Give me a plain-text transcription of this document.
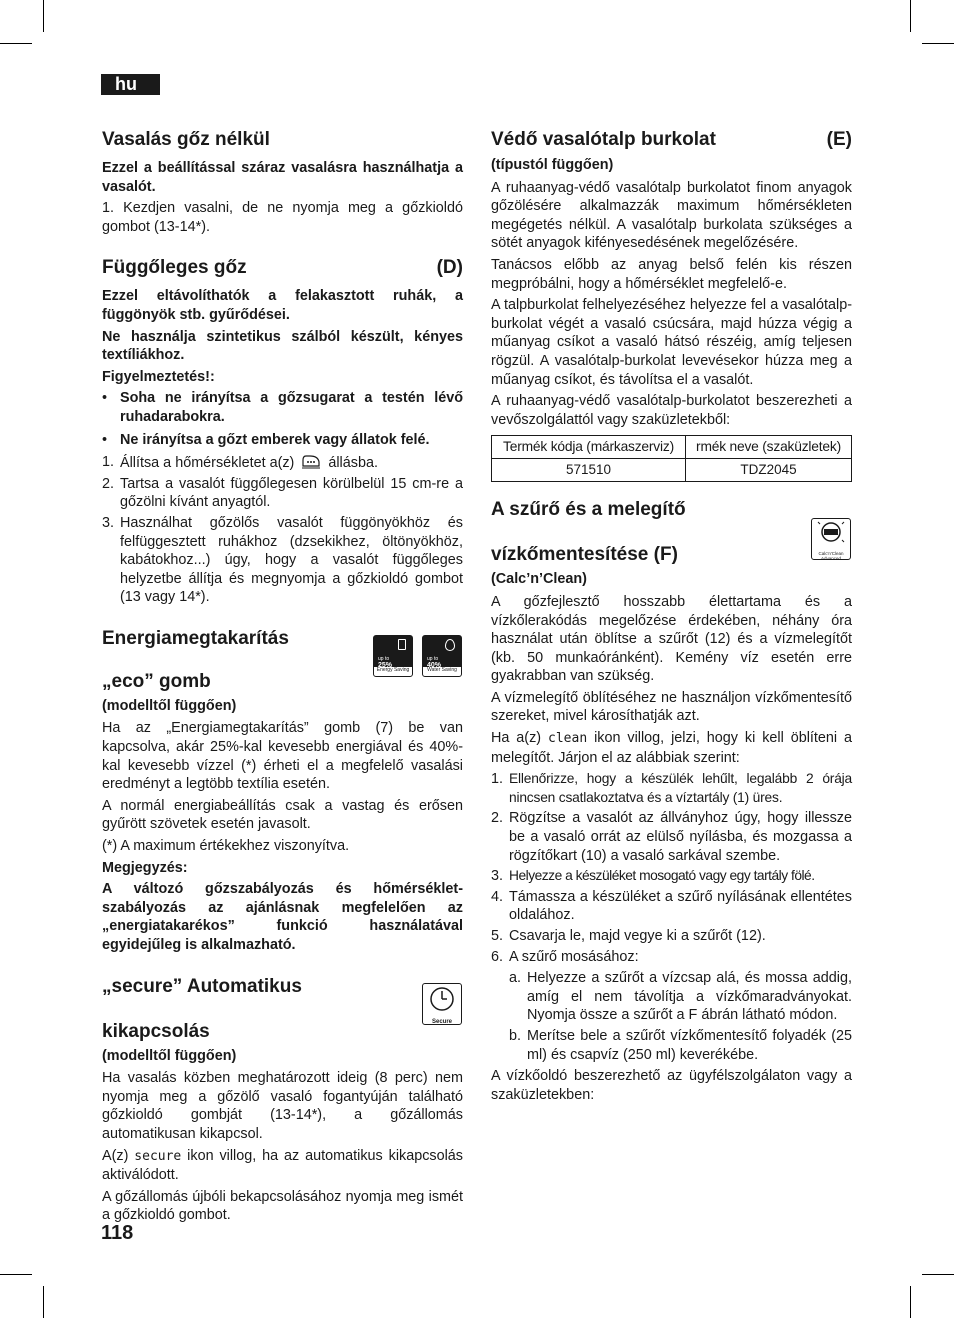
hu
Vasalás gőz nélkül

Ezzel a beállítással száraz vasalásra használhatja a vasalót.

1. Kezdjen vasalni, de ne nyomja meg a gőzkioldó gombot (13-14*).

Függőleges gőz	(D)

Ezzel eltávolíthatók a felakasztott ruhák, a függönyök stb. gyűrődései.

Ne használja szintetikus szálból készült, kényes textíliákhoz.

Figyelmeztetés!:

• Soha ne irányítsa a gőzsugarat a testén lévő ruhadarabokra.
• Ne irányítsa a gőzt emberek vagy állatok felé.
1. Állítsa a hőmérsékletet a(z) állásba.
2. Tartsa a vasalót függőlegesen körülbelül 15 cm-re a gőzölni kívánt anyagtól.
3. Használhat gőzölős vasalót függönyökhöz és felfüggesztett ruhákhoz (dzsekikhez, öltönyökhöz, kabátokhoz...) úgy, hogy a vasalót függőleges helyzetbe állítja és megnyomja a gőzkioldó gombot (13 vagy 14*).
Energiamegtakarítás
„eco” gomb
up to
25%
Energy Saving
up to
40%
Water Saving

(modelltől függően)

Ha az „Energiamegtakarítás” gomb (7) be van kapcsolva, akár 25%-kal kevesebb energiával és 40%-kal kevesebb vízzel (*) érheti el a megfelelő vasalási eredményt a legtöbb textília esetén.

A normál energiabeállítás csak a vastag és erősen gyűrött szövetek esetén javasolt.

(*) A maximum értékekhez viszonyítva.

Megjegyzés:

A változó gőzszabályozás és hőmérséklet-szabályozás az ajánlásnak megfelelően az „energiatakarékos” funkció használatával egyidejűleg is alkalmazható.

„secure” Automatikus
kikapcsolás	Secure

(modelltől függően)

Ha vasalás közben meghatározott ideig (8 perc) nem nyomja meg a gőzölő vasaló fogantyúján található gőzkioldó gombját (13-14*), a gőzállomás automatikusan kikapcsol.

A(z) secure ikon villog, ha az automatikus kikapcsolás aktiválódott.

A gőzállomás újbóli bekapcsolásához nyomja meg ismét a gőzkioldó gombot.

Védő vasalótalp burkolat	(E)

(típustól függően)

A ruhaanyag-védő vasalótalp burkolatot finom anyagok gőzölésére alkalmazzák maximum hőmérsékleten megégetés nélkül. A vasalótalp burkolata szükséges a sötét anyagok kifényesedésének megelőzésére.

Tanácsos előbb az anyag belső felén kis részen megpróbálni, hogy a hőmérséklet megfelelő-e.

A talpburkolat felhelyezéséhez helyezze fel a vasalótalp- burkolat végét a vasaló csúcsára, majd húzza végig a műanyag csíkot a vasaló hátsó részéig, amíg teljesen rögzül. A vasalótalp-burkolat levevésekor húzza meg a műanyag csíkot, és távolítsa el a vasalót.

A ruhaanyag-védő vasalótalp-burkolatot beszerezheti a vevőszolgálattól vagy szaküzletekből:

Termék kódja (márkaszerviz)	rmék neve (szaküzletek)
571510	TDZ2045
A szűrő és a melegítő
vízkőmentesítése (F)	Calc'n'Clean
Advanced

(Calc’n’Clean)

A gőzfejlesztő hosszabb élettartama és a vízkőlerakódás megelőzése érdekében, néhány óra használat után öblítse a szűrőt (12) és a vízmelegítőt (kb. 50 munkaóránként). Kemény víz esetén erre gyakrabban van szükség.

A vízmelegítő öblítéséhez ne használjon vízkőmentesítő szereket, mivel károsíthatják azt.

Ha a(z) clean ikon villog, jelzi, hogy ki kell öblíteni a melegítőt. Járjon el az alábbiak szerint:

1. Ellenőrizze, hogy a készülék lehűlt, legalább 2 órája nincsen csatlakoztatva és a víztartály (1) üres.
2. Rögzítse a vasalót az állványhoz úgy, hogy illessze be a vasaló orrát az elülső nyílásba, és mozgassa a rögzítőkart (10) a vasaló sarkával szembe.
3. Helyezze a készüléket mosogató vagy egy tartály fölé.
4. Támassza a készüléket a szűrő nyílásának ellentétes oldalához.
5. Csavarja le, majd vegye ki a szűrőt (12).
6. A szűrő mosásához:
a. Helyezze a szűrőt a vízcsap alá, és mossa addig, amíg el nem távolítja a vízkőmaradványokat. Nyomja össze a szűrőt a F ábrán látható módon.
b. Merítse bele a szűrőt vízkőmentesítő folyadék (25 ml) és csapvíz (250 ml) keverékébe.

A vízkőoldó beszerezhető az ügyfélszolgálaton vagy a szaküzletekben:

118
